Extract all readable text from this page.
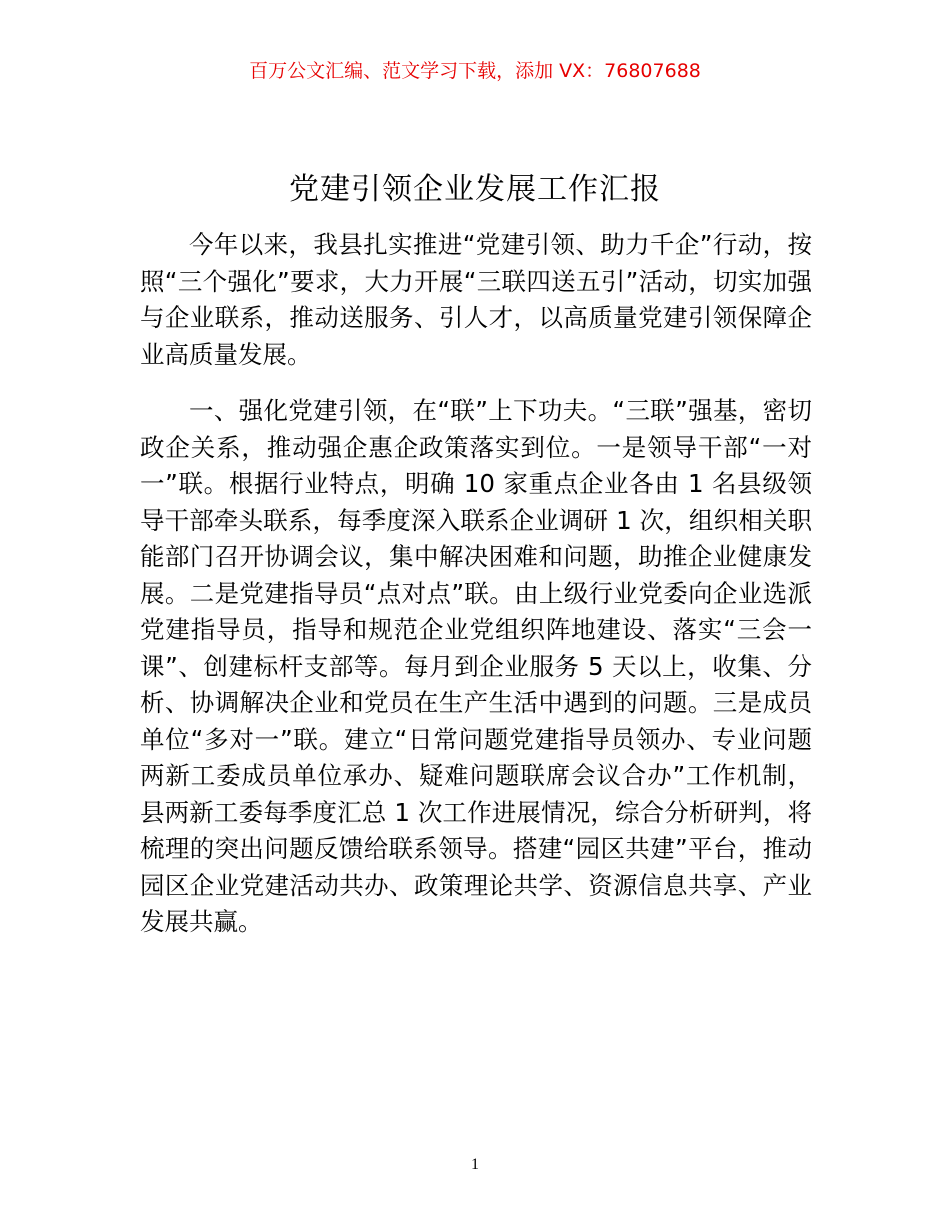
百万公文汇编、范文学习下载，添加 VX：76807688
党建引领企业发展工作汇报

今年以来，我县扎实推进“党建引领、助力千企”行动，按照“三个强化”要求，大力开展“三联四送五引”活动，切实加强与企业联系，推动送服务、引人才，以高质量党建引领保障企业高质量发展。

一、强化党建引领，在“联”上下功夫。“三联”强基，密切政企关系，推动强企惠企政策落实到位。一是领导干部“一对一”联。根据行业特点，明确 10 家重点企业各由 1 名县级领导干部牵头联系，每季度深入联系企业调研 1 次，组织相关职能部门召开协调会议，集中解决困难和问题，助推企业健康发展。二是党建指导员“点对点”联。由上级行业党委向企业选派党建指导员，指导和规范企业党组织阵地建设、落实“三会一课”、创建标杆支部等。每月到企业服务 5 天以上，收集、分析、协调解决企业和党员在生产生活中遇到的问题。三是成员单位“多对一”联。建立“日常问题党建指导员领办、专业问题两新工委成员单位承办、疑难问题联席会议合办”工作机制，县两新工委每季度汇总 1 次工作进展情况，综合分析研判，将梳理的突出问题反馈给联系领导。搭建“园区共建”平台，推动园区企业党建活动共办、政策理论共学、资源信息共享、产业发展共赢。

1
